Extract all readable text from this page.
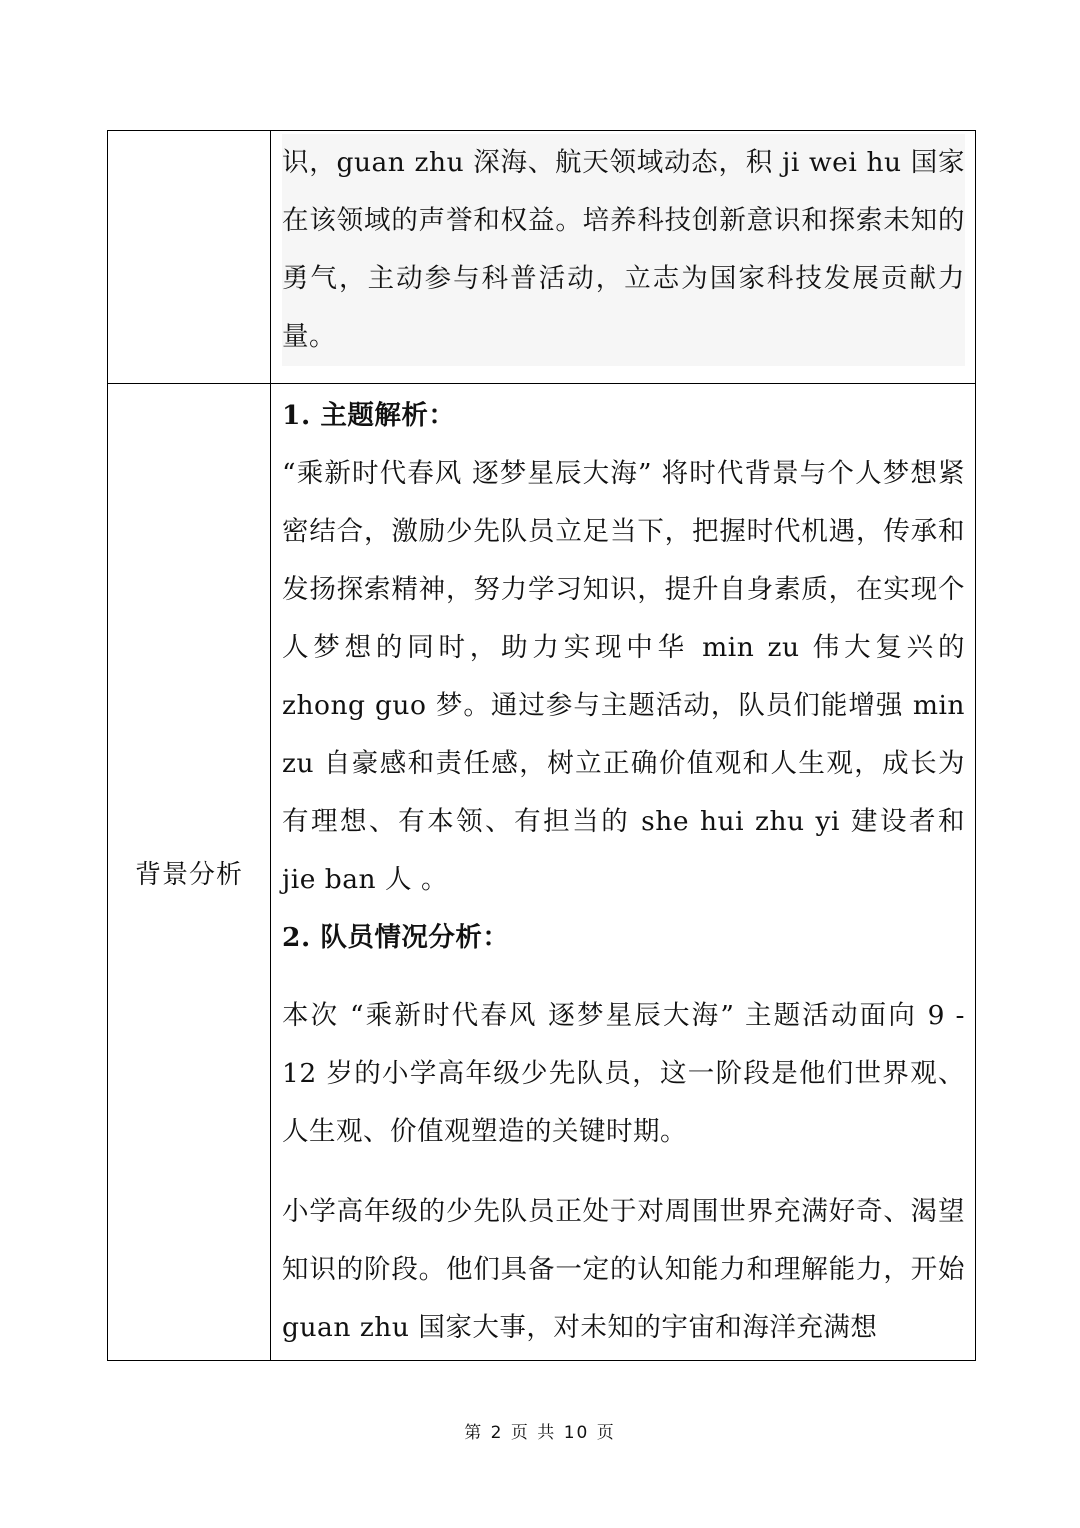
	识，guan zhu 深海、航天领域动态，积 ji wei hu 国家在该领域的声誉和权益。培养科技创新意识和探索未知的勇气，主动参与科普活动，立志为国家科技发展贡献力量。

背景分析	1. 主题解析：

“乘新时代春风 逐梦星辰大海” 将时代背景与个人梦想紧密结合，激励少先队员立足当下，把握时代机遇，传承和发扬探索精神，努力学习知识，提升自身素质，在实现个人梦想的同时，助力实现中华 min zu 伟大复兴的 zhong guo 梦。通过参与主题活动，队员们能增强 min zu 自豪感和责任感，树立正确价值观和人生观，成长为有理想、有本领、有担当的 she hui zhu yi 建设者和 jie ban 人 。

2. 队员情况分析：

本次 “乘新时代春风 逐梦星辰大海” 主题活动面向 9 - 12 岁的小学高年级少先队员，这一阶段是他们世界观、人生观、价值观塑造的关键时期。

小学高年级的少先队员正处于对周围世界充满好奇、渴望知识的阶段。他们具备一定的认知能力和理解能力，开始 guan zhu 国家大事，对未知的宇宙和海洋充满想

第 2 页 共 10 页
